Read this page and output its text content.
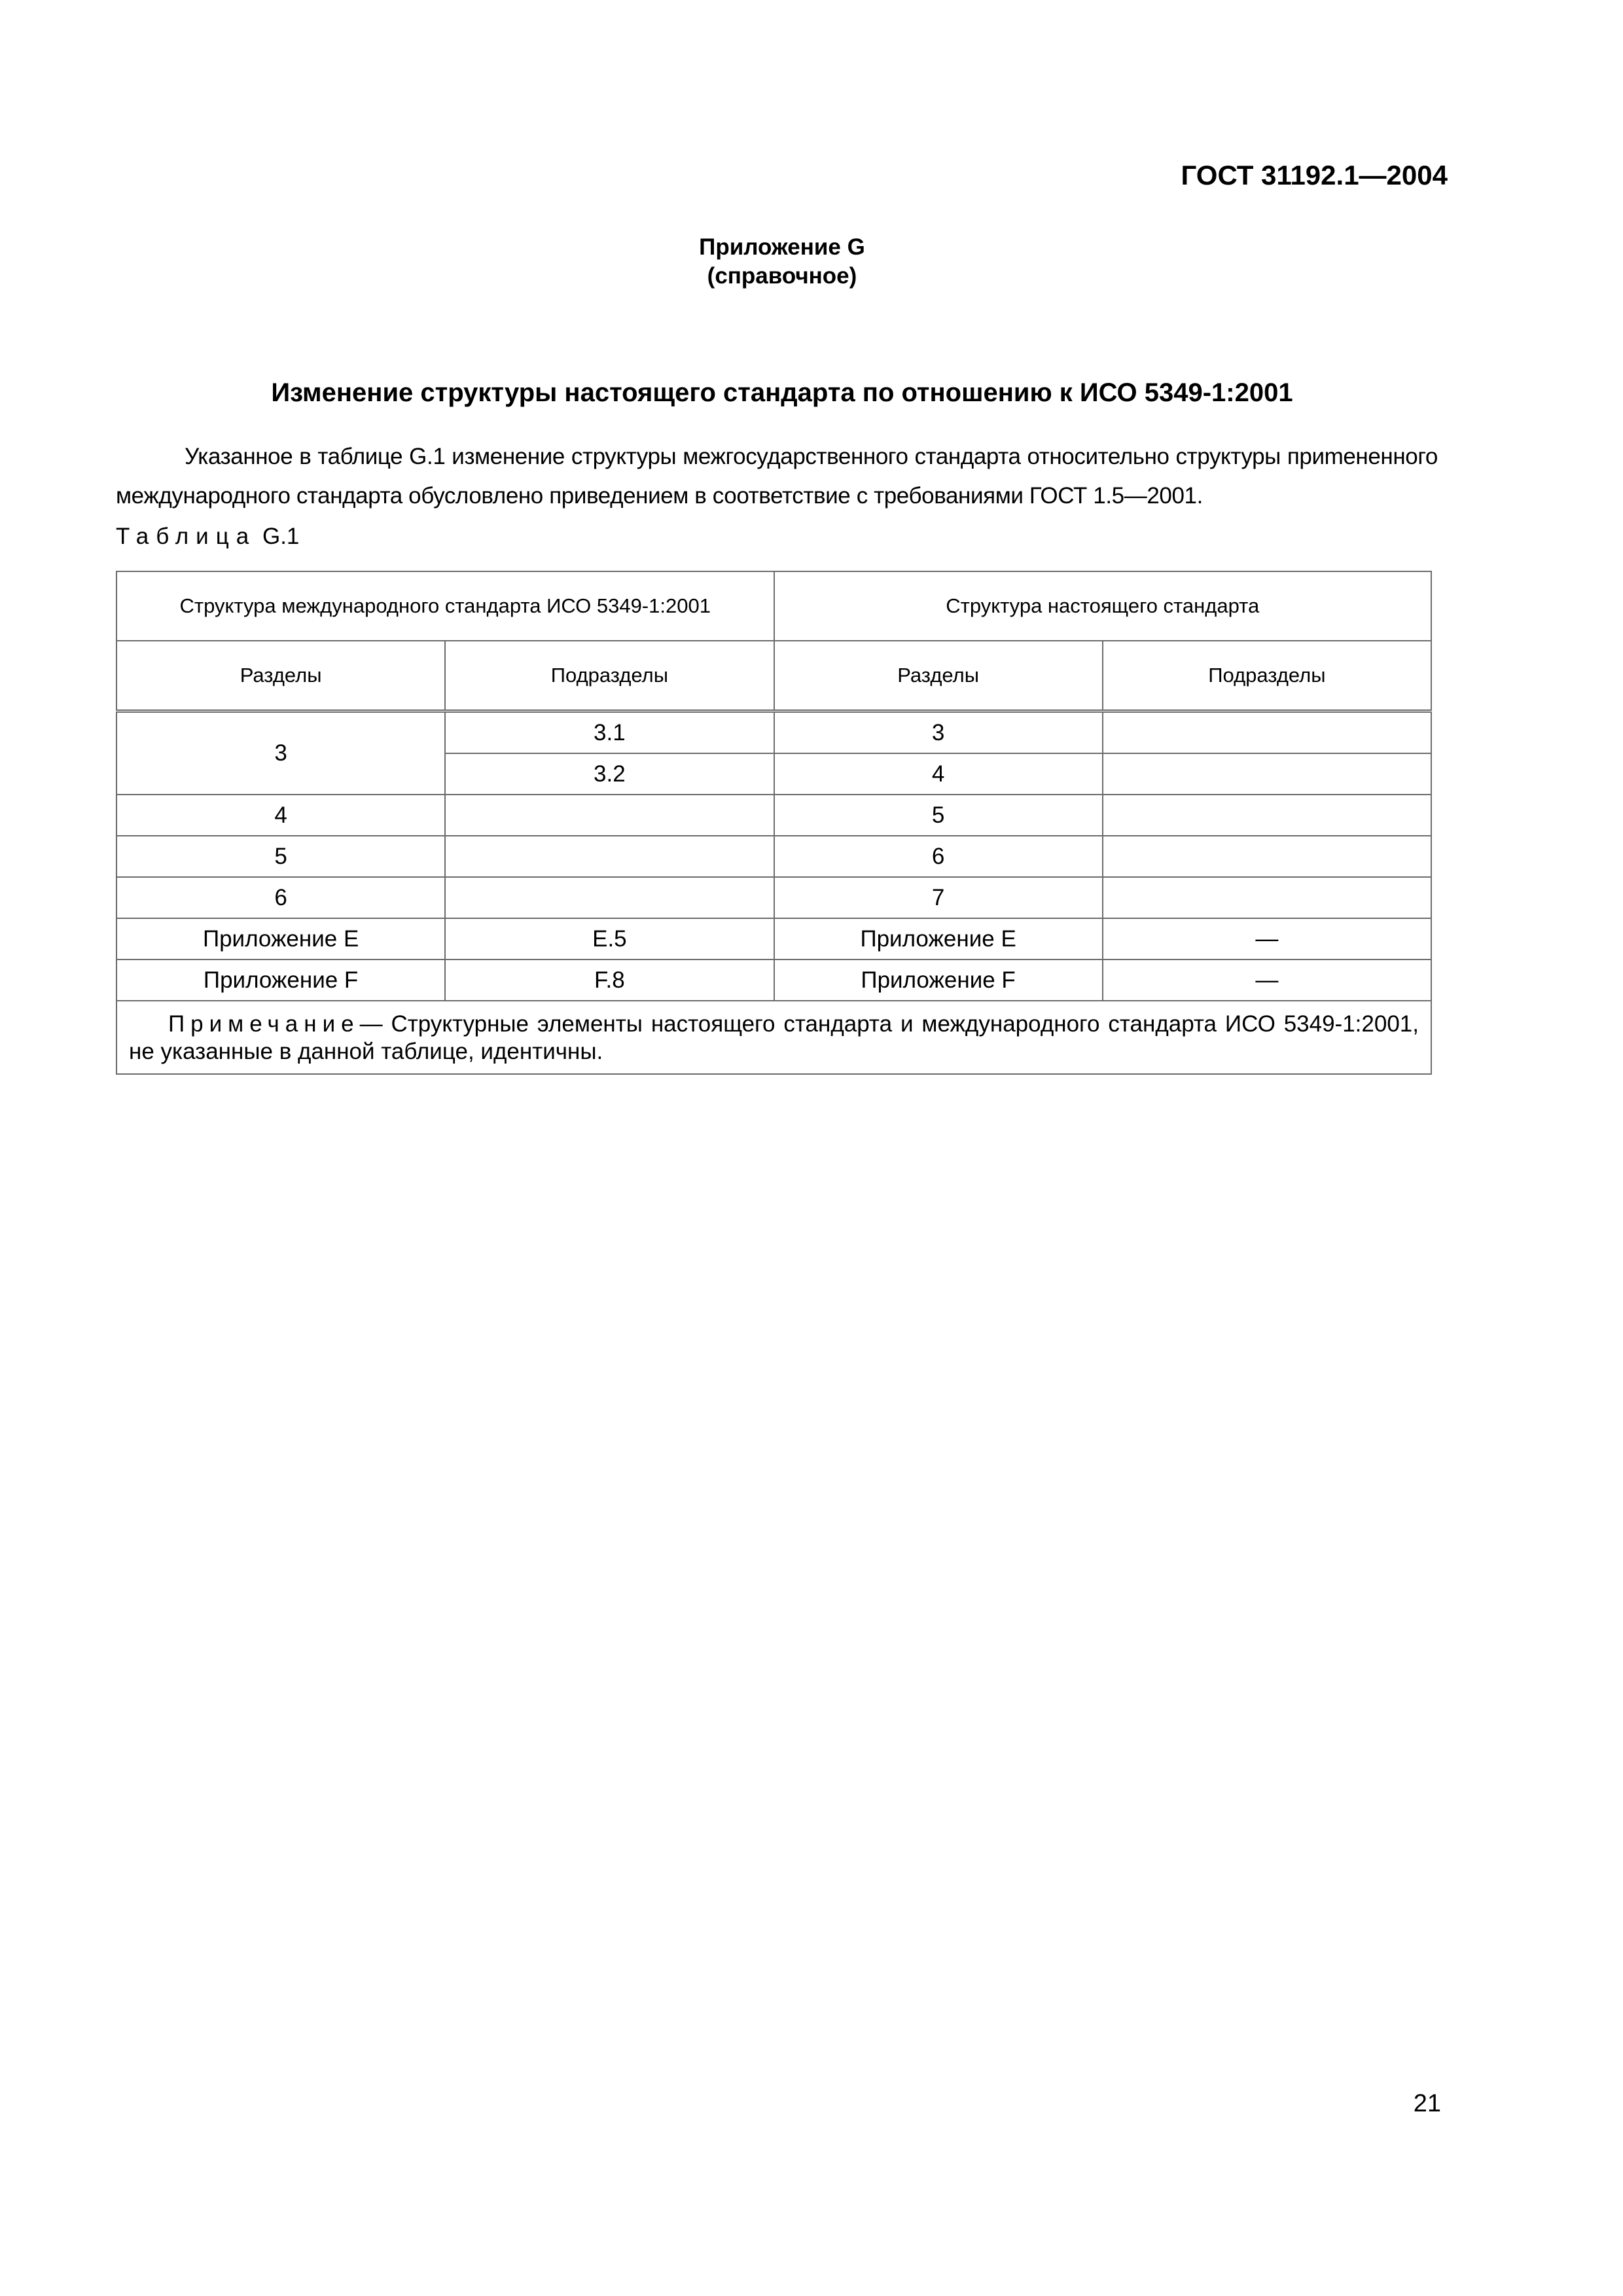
ГОСТ 31192.1—2004
Приложение G
(справочное)
Изменение структуры настоящего стандарта по отношению к ИСО 5349-1:2001
Указанное в таблице G.1 изменение структуры межгосударственного стандарта относительно структуры приmененного международного стандарта обусловлено приведением в соответствие с требованиями ГОСТ 1.5—2001.
Таблица G.1
Структура международного стандарта ИСО 5349-1:2001		Структура настоящего стандарта	
Разделы	Подразделы	Разделы	Подразделы
3	3.1	3	
	3.2	4	
4		5	
5		6	
6		7	
Приложение E	E.5	Приложение E	—
Приложение F	F.8	Приложение F	—
Примечание— Структурные элементы настоящего стандарта и международного стандарта ИСО 5349-1:2001, не указанные в данной таблице, идентичны.			
21
